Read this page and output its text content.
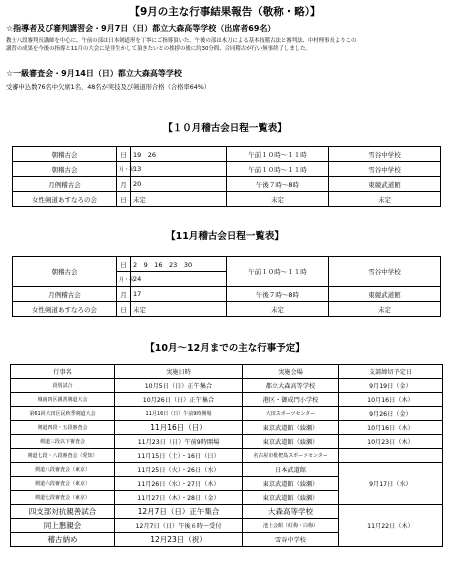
【9月の主な行事結果報告（敬称・略）】
☆指導者及び審判講習会・9月7日（日）都立大森高等学校（出席者69名）
教士八段審判長講師を中心に、午前の部は日本剣道形を丁寧にご指導頂いた。午後の部は木刀による基本技稽古法と審判法、中村理事長よりこの
講習の成果を今後の指導と11月の大会に是非生かして頂きたいとの挨拶の後に約30分間、合同稽古が行い無事終了しました。
☆一級審査会・9月14日（日）都立大森高等学校
受審申込数76名中欠席1名、48名が実技及び剣道形合格（合格率64%）
【１０月稽古会日程一覧表】
朝稽古会	日	19　26	午前１０時～１１時	雪谷中学校
朝稽古会	月・祝	13	午前１０時～１１時	雪谷中学校
月例稽古会	月	20	午後７時～8時	東競武道館
女性剣道あすなろの会	日	未定	未定	未定
【11月稽古会日程一覧表】
朝稽古会	日	2　9　16　23　30	午前１０時～１１時	雪谷中学校
	月・祝	24		
月例稽古会	月	17	午後７時～8時	東競武道館
女性剣道あすなろの会	日	未定	未定	未定
【10月～12月までの主な行事予定】
行事名	実施日時	実施会場	支部締切予定日
段別試合	10月5日（日）正午集合	都立大森高等学校	9月19日（金）
城南四区親善剣道大会	10月26日（日）正午集合	港区・御成門小学校	10月16日（木）
第61回大田区民秋季剣道大会	11月16日（日）午前9時開場	大田スポーツセンター	9月26日（金）
剣道四段・五段審査会	11月16日（日）	東京武道館（綾瀬）	10月16日（木）
剣道三段以下審査会	11月23日（日）午前9時開場	東京武道館（綾瀬）	10月23日（木）
剣道七段・八段審査会（愛知）	11月15日（土）・16日（日）	名古屋市枇杷島スポーツセンター	
剣道八段審査会（東京）	11月25日（火）・26日（水）	日本武道館	9月17日（水）
剣道六段審査会（東京）	11月26日（水）・27日（木）	東京武道館（綾瀬）	
剣道七段審査会（東京）	11月27日（木）・28日（金）	東京武道館（綾瀬）	
四支部対抗親善試合	12月7日（日）正午集合	大森高等学校	11月22日（木）
同上懇親会	12月7日（日）午後６時～受付	池上会館（紅梅・白梅）	
稽古納め	12月23日（祝）	雪谷中学校	
